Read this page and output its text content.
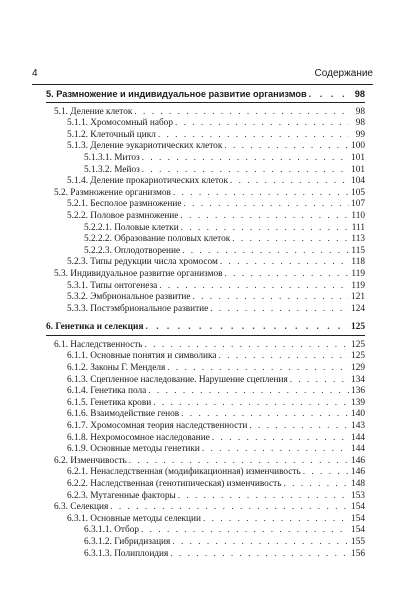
4	Содержание
5. Размножение и индивидуальное развитие организмов . . .	98
5.1. Деление клеток . . .	98
5.1.1. Хромосомный набор . . .	98
5.1.2. Клеточный цикл . . .	99
5.1.3. Деление эукариотических клеток . . .	100
5.1.3.1. Митоз . . .	101
5.1.3.2. Мейоз . . .	101
5.1.4. Деление прокариотических клеток . . .	104
5.2. Размножение организмов . . .	105
5.2.1. Бесполое размножение . . .	107
5.2.2. Половое размножение . . .	110
5.2.2.1. Половые клетки . . .	111
5.2.2.2. Образование половых клеток . . .	113
5.2.2.3. Оплодотворение . . .	115
5.2.3. Типы редукции числа хромосом . . .	118
5.3. Индивидуальное развитие организмов . . .	119
5.3.1. Типы онтогенеза . . .	119
5.3.2. Эмбриональное развитие . . .	121
5.3.3. Постэмбриональное развитие . . .	124
6. Генетика и селекция . . .	125
6.1. Наследственность . . .	125
6.1.1. Основные понятия и символика . . .	125
6.1.2. Законы Г. Менделя . . .	129
6.1.3. Сцепленное наследование. Нарушение сцепления . . .	134
6.1.4. Генетика пола . . .	136
6.1.5. Генетика крови . . .	139
6.1.6. Взаимодействие генов . . .	140
6.1.7. Хромосомная теория наследственности . . .	143
6.1.8. Нехромосомное наследование . . .	144
6.1.9. Основные методы генетики . . .	144
6.2. Изменчивость . . .	146
6.2.1. Ненаследственная (модификационная) изменчивость . . .	146
6.2.2. Наследственная (генотипическая) изменчивость . . .	148
6.2.3. Мутагенные факторы . . .	153
6.3. Селекция . . .	154
6.3.1. Основные методы селекции . . .	154
6.3.1.1. Отбор . . .	154
6.3.1.2. Гибридизация . . .	155
6.3.1.3. Полиплоидия . . .	156
